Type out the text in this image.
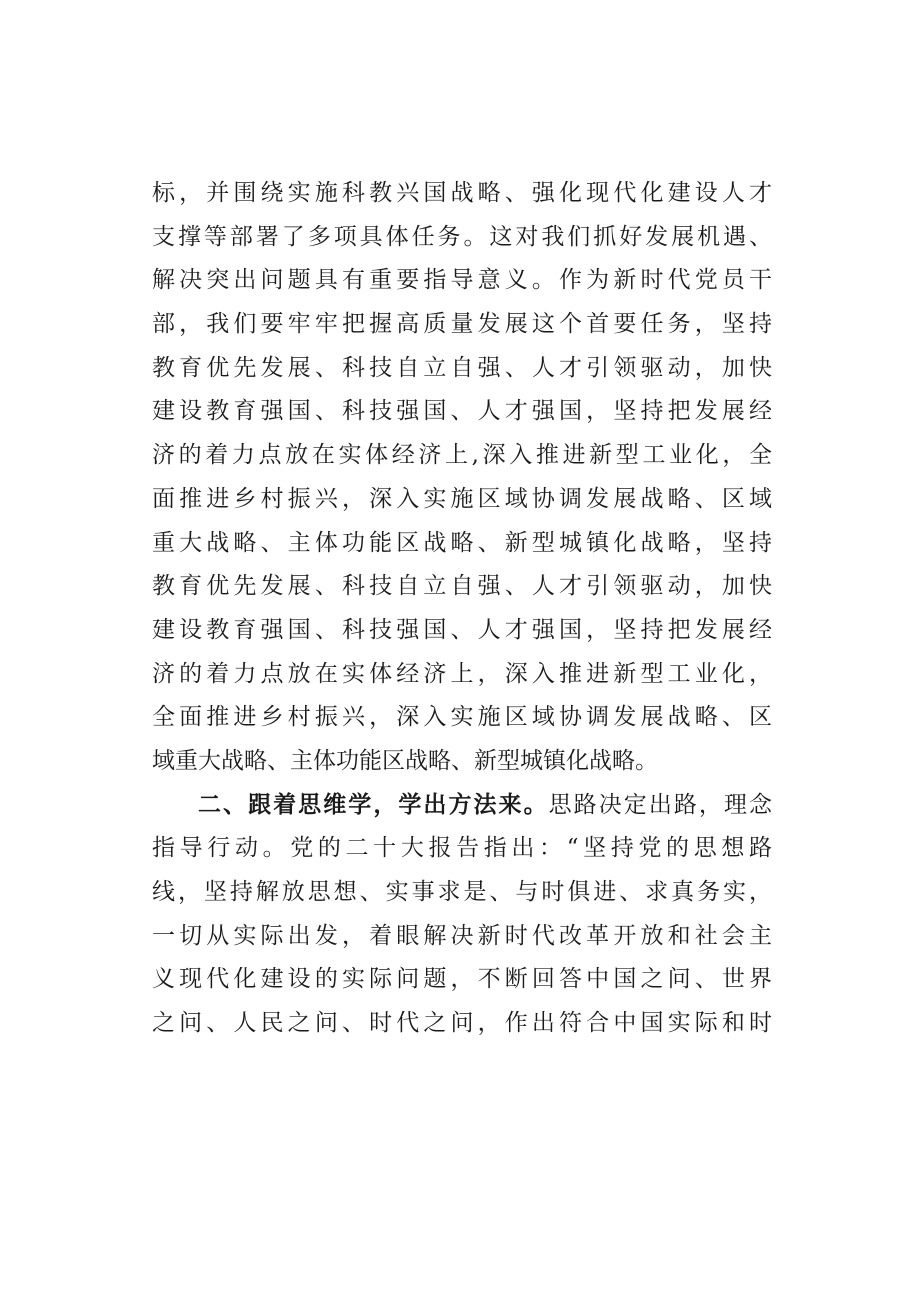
标，并围绕实施科教兴国战略、强化现代化建设人才
支撑等部署了多项具体任务。这对我们抓好发展机遇、
解决突出问题具有重要指导意义。作为新时代党员干
部，我们要牢牢把握高质量发展这个首要任务，坚持
教育优先发展、科技自立自强、人才引领驱动，加快
建设教育强国、科技强国、人才强国，坚持把发展经
济的着力点放在实体经济上,深入推进新型工业化，全
面推进乡村振兴，深入实施区域协调发展战略、区域
重大战略、主体功能区战略、新型城镇化战略，坚持
教育优先发展、科技自立自强、人才引领驱动，加快
建设教育强国、科技强国、人才强国，坚持把发展经
济的着力点放在实体经济上，深入推进新型工业化，
全面推进乡村振兴，深入实施区域协调发展战略、区
域重大战略、主体功能区战略、新型城镇化战略。
二、跟着思维学，学出方法来。思路决定出路，理念
指导行动。党的二十大报告指出：“坚持党的思想路
线，坚持解放思想、实事求是、与时俱进、求真务实，
一切从实际出发，着眼解决新时代改革开放和社会主
义现代化建设的实际问题，不断回答中国之问、世界
之问、人民之问、时代之问，作出符合中国实际和时
